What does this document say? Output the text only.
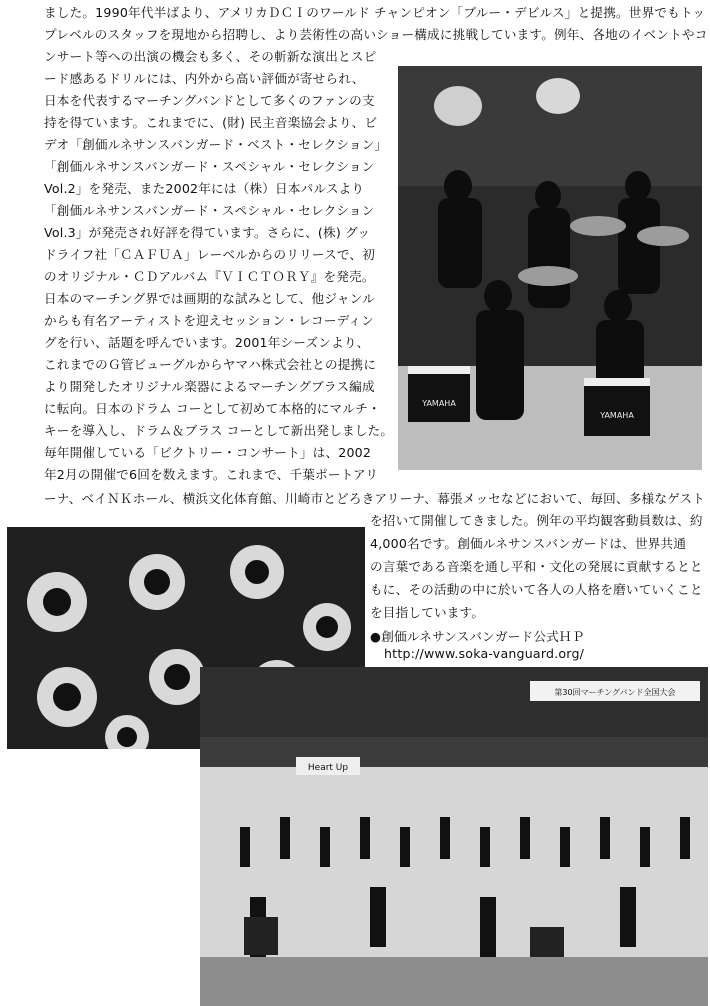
ました。1990年代半ばより、アメリカＤＣＩのワールド チャンピオン「ブルー・デビルス」と提携。世界でもトッ
プレベルのスタッフを現地から招聘し、より芸術性の高いショー構成に挑戦しています。例年、各地のイベントやコ
ンサート等への出演の機会も多く、その斬新な演出とスピ
ード感あるドリルには、内外から高い評価が寄せられ、
日本を代表するマーチングバンドとして多くのファンの支
持を得ています。これまでに、(財) 民主音楽協会より、ビ
デオ「創価ルネサンスバンガード・ベスト・セレクション」
「創価ルネサンスバンガード・スペシャル・セレクション
Vol.2」を発売、また2002年には（株）日本パルスより
「創価ルネサンスバンガード・スペシャル・セレクション
Vol.3」が発売され好評を得ています。さらに、(株) グッ
ドライフ社「ＣＡＦＵＡ」レーベルからのリリースで、初
のオリジナル・ＣＤアルバム『ＶＩＣＴＯＲＹ』を発売。
日本のマーチング界では画期的な試みとして、他ジャンル
からも有名アーティストを迎えセッション・レコーディン
グを行い、話題を呼んでいます。2001年シーズンより、
これまでのＧ管ビューグルからヤマハ株式会社との提携に
より開発したオリジナル楽器によるマーチングブラス編成
に転向。日本のドラム コーとして初めて本格的にマルチ・
キーを導入し、ドラム＆ブラス コーとして新出発しました。
毎年開催している「ビクトリー・コンサート」は、2002
年2月の開催で6回を数えます。これまで、千葉ポートアリ
YAMAHA
YAMAHA
ーナ、ベイＮＫホール、横浜文化体育館、川崎市とどろきアリーナ、幕張メッセなどにおいて、毎回、多様なゲスト
を招いて開催してきました。例年の平均観客動員数は、約
4,000名です。創価ルネサンスバンガードは、世界共通
の言葉である音楽を通し平和・文化の発展に貢献するとと
もに、その活動の中に於いて各人の人格を磨いていくこと
を目指しています。
●創価ルネサンスバンガード公式ＨＰ
http://www.soka-vanguard.org/
第30回マーチングバンド全国大会
Heart Up
